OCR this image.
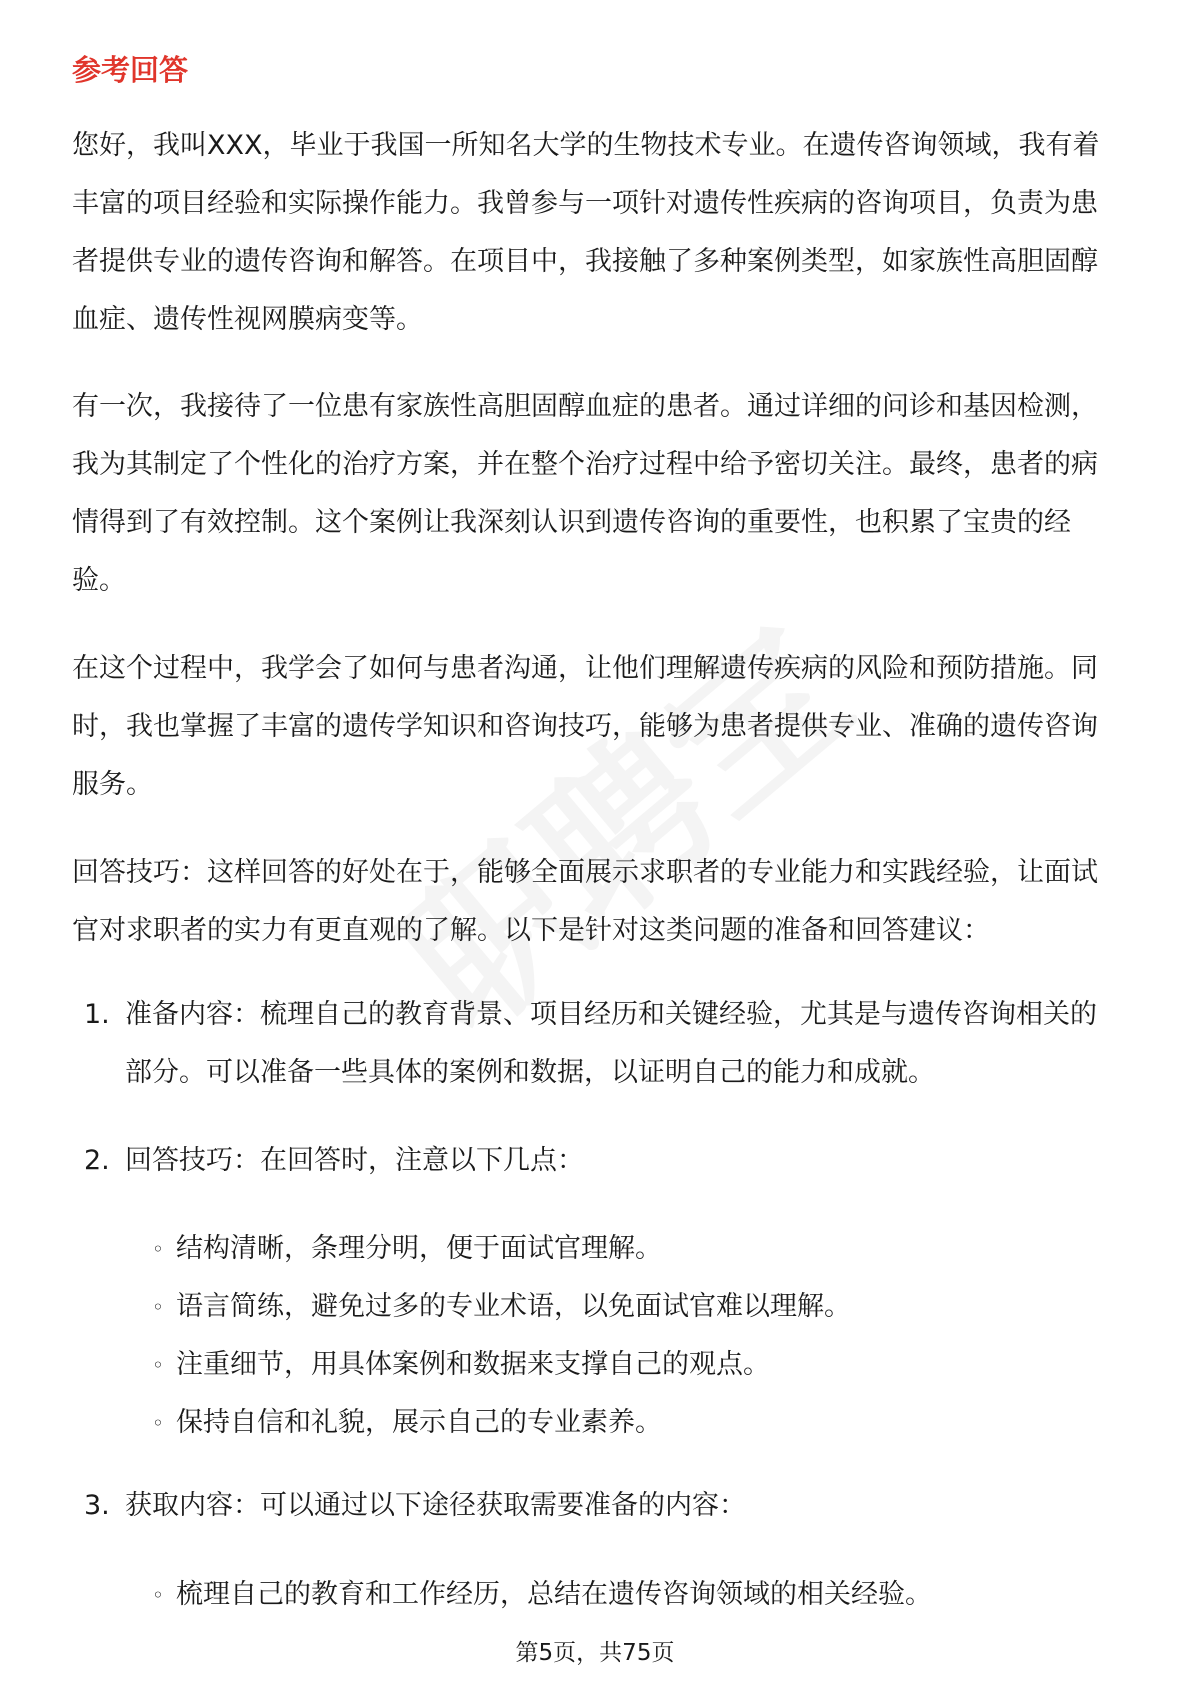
参考回答

您好，我叫XXX，毕业于我国一所知名大学的生物技术专业。在遗传咨询领域，我有着丰富的项目经验和实际操作能力。我曾参与一项针对遗传性疾病的咨询项目，负责为患者提供专业的遗传咨询和解答。在项目中，我接触了多种案例类型，如家族性高胆固醇血症、遗传性视网膜病变等。

有一次，我接待了一位患有家族性高胆固醇血症的患者。通过详细的问诊和基因检测，我为其制定了个性化的治疗方案，并在整个治疗过程中给予密切关注。最终，患者的病情得到了有效控制。这个案例让我深刻认识到遗传咨询的重要性，也积累了宝贵的经验。

在这个过程中，我学会了如何与患者沟通，让他们理解遗传疾病的风险和预防措施。同时，我也掌握了丰富的遗传学知识和咨询技巧，能够为患者提供专业、准确的遗传咨询服务。

回答技巧：这样回答的好处在于，能够全面展示求职者的专业能力和实践经验，让面试官对求职者的实力有更直观的了解。以下是针对这类问题的准备和回答建议：

1. 准备内容：梳理自己的教育背景、项目经历和关键经验，尤其是与遗传咨询相关的部分。可以准备一些具体的案例和数据，以证明自己的能力和成就。
2. 回答技巧：在回答时，注意以下几点：
◦ 结构清晰，条理分明，便于面试官理解。
◦ 语言简练，避免过多的专业术语，以免面试官难以理解。
◦ 注重细节，用具体案例和数据来支撑自己的观点。
◦ 保持自信和礼貌，展示自己的专业素养。
3. 获取内容：可以通过以下途径获取需要准备的内容：
◦ 梳理自己的教育和工作经历，总结在遗传咨询领域的相关经验。
第5页，共75页
